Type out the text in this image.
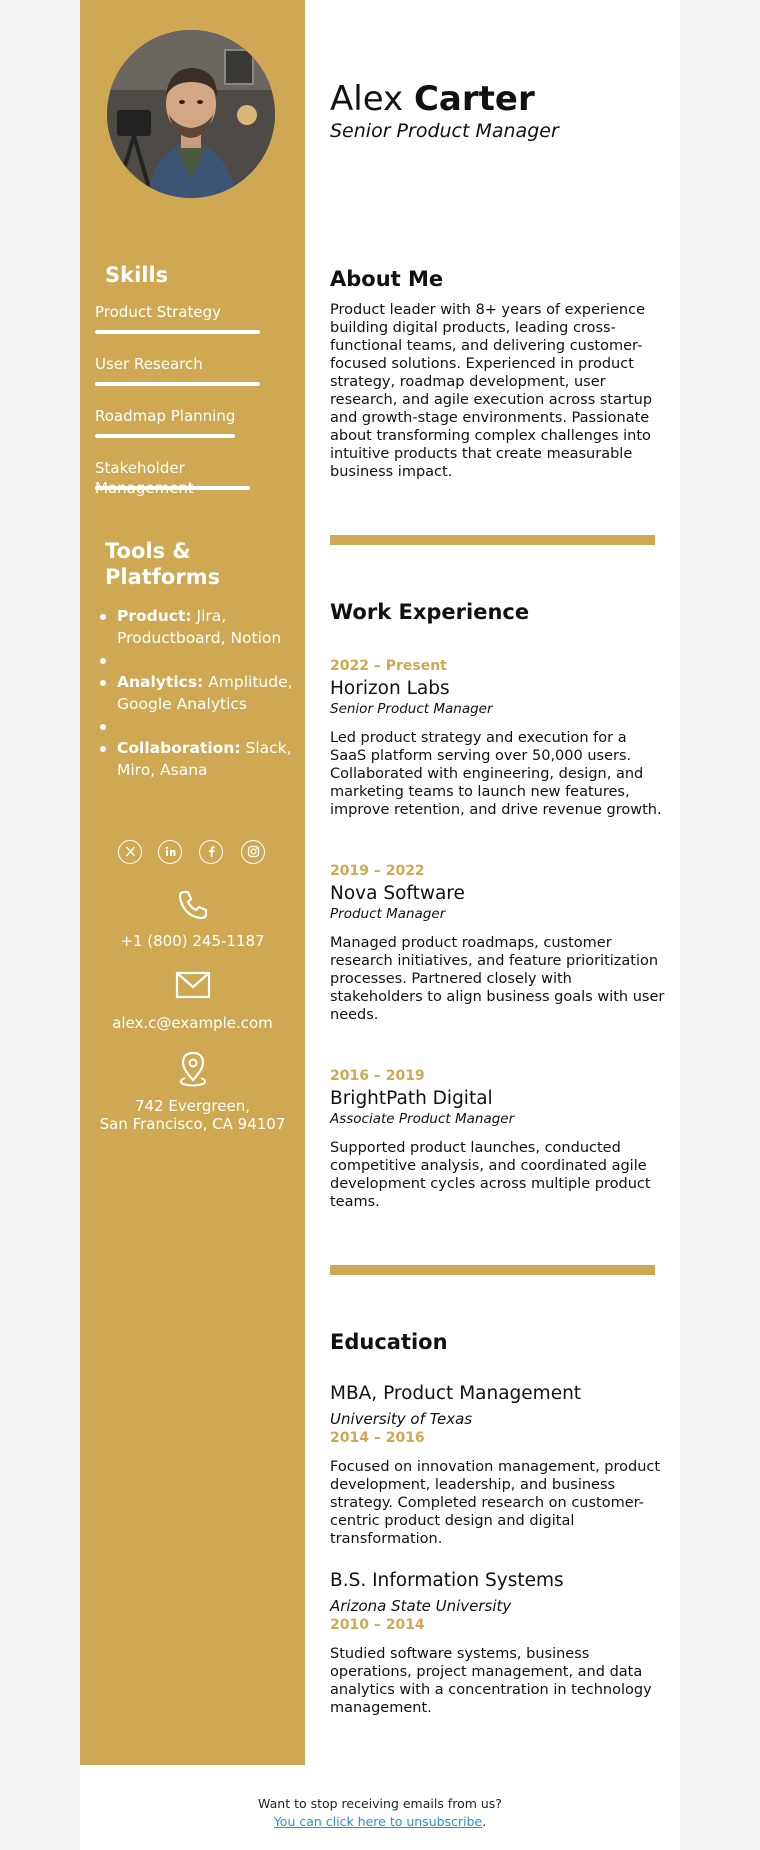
Skills
Product Strategy
User Research
Roadmap Planning
Stakeholder
Tools & Platforms
Product: Jira, Productboard, Notion
Analytics: Amplitude, Google Analytics
Collaboration: Slack, Miro, Asana
+1 (800) 245-1187
alex.c@example.com
742 Evergreen,
San Francisco, CA 94107
Alex Carter
Senior Product Manager
About Me
Product leader with 8+ years of experience building digital products, leading cross-functional teams, and delivering customer-focused solutions. Experienced in product strategy, roadmap development, user research, and agile execution across startup and growth-stage environments. Passionate about transforming complex challenges into intuitive products that create measurable business impact.
Work Experience
2022 – Present
Horizon Labs
Senior Product Manager
Led product strategy and execution for a SaaS platform serving over 50,000 users. Collaborated with engineering, design, and marketing teams to launch new features, improve retention, and drive revenue growth.
2019 – 2022
Nova Software
Product Manager
Managed product roadmaps, customer research initiatives, and feature prioritization processes. Partnered closely with stakeholders to align business goals with user needs.
2016 – 2019
BrightPath Digital
Associate Product Manager
Supported product launches, conducted competitive analysis, and coordinated agile development cycles across multiple product teams.
Education
MBA, Product Management
University of Texas
2014 – 2016
Focused on innovation management, product development, leadership, and business strategy. Completed research on customer-centric product design and digital transformation.
B.S. Information Systems
Arizona State University
2010 – 2014
Studied software systems, business operations, project management, and data analytics with a concentration in technology management.
Want to stop receiving emails from us?
You can click here to unsubscribe.
